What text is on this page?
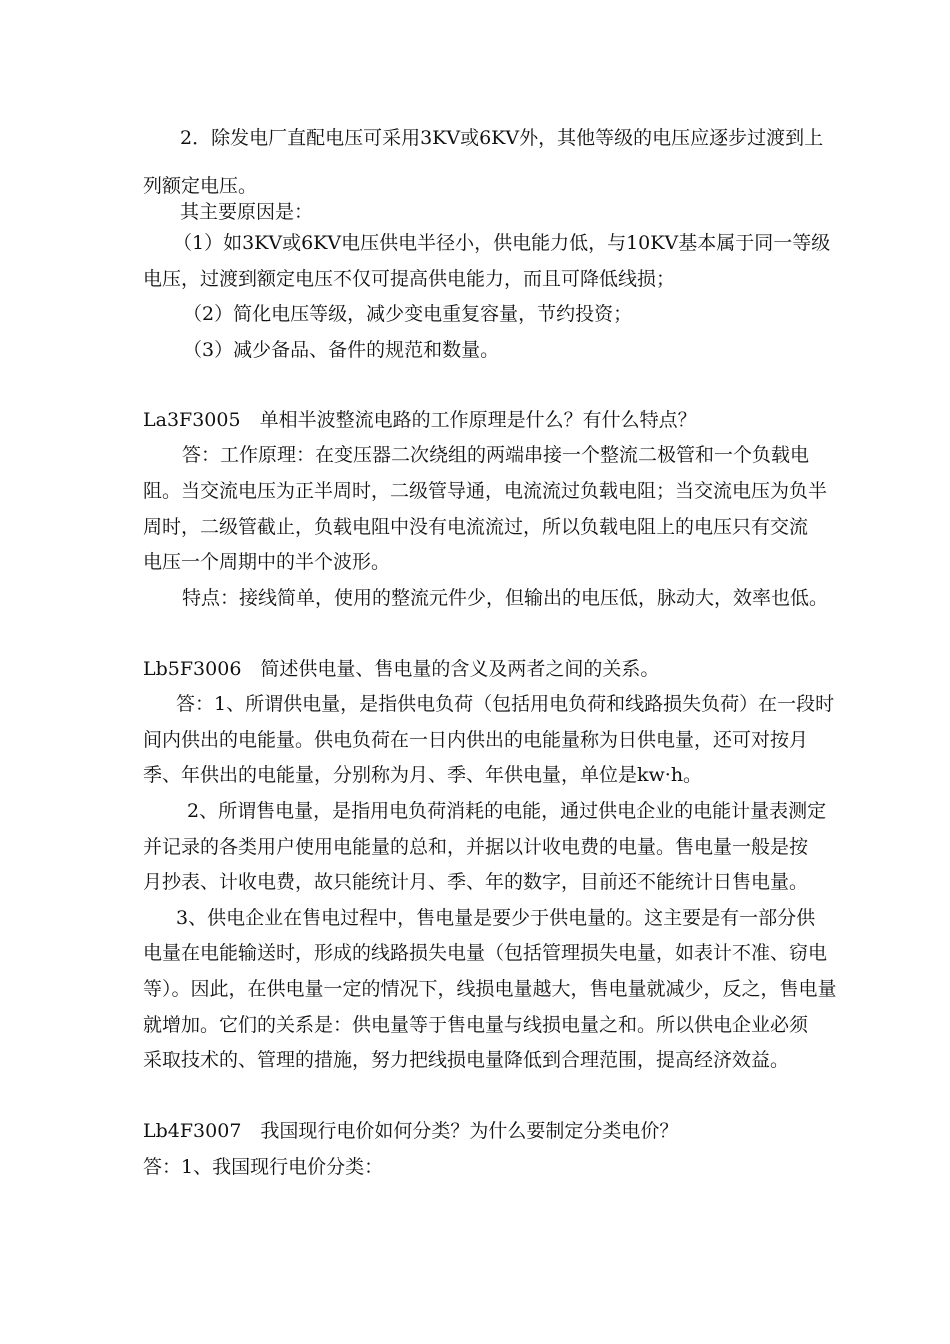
2．除发电厂直配电压可采用3KV或6KV外，其他等级的电压应逐步过渡到上
列额定电压。
其主要原因是：
（1）如3KV或6KV电压供电半径小，供电能力低，与10KV基本属于同一等级
电压，过渡到额定电压不仅可提高供电能力，而且可降低线损；
（2）简化电压等级，减少变电重复容量，节约投资；
（3）减少备品、备件的规范和数量。
La3F3005　单相半波整流电路的工作原理是什么？有什么特点？
答：工作原理：在变压器二次绕组的两端串接一个整流二极管和一个负载电
阻。当交流电压为正半周时，二级管导通，电流流过负载电阻；当交流电压为负半
周时，二级管截止，负载电阻中没有电流流过，所以负载电阻上的电压只有交流
电压一个周期中的半个波形。
特点：接线简单，使用的整流元件少，但输出的电压低，脉动大，效率也低。
Lb5F3006　简述供电量、售电量的含义及两者之间的关系。
答：1、所谓供电量，是指供电负荷（包括用电负荷和线路损失负荷）在一段时
间内供出的电能量。供电负荷在一日内供出的电能量称为日供电量，还可对按月
季、年供出的电能量，分别称为月、季、年供电量，单位是kw·h。
2、所谓售电量，是指用电负荷消耗的电能，通过供电企业的电能计量表测定
并记录的各类用户使用电能量的总和，并据以计收电费的电量。售电量一般是按
月抄表、计收电费，故只能统计月、季、年的数字，目前还不能统计日售电量。
3、供电企业在售电过程中，售电量是要少于供电量的。这主要是有一部分供
电量在电能输送时，形成的线路损失电量（包括管理损失电量，如表计不准、窃电
等）。因此，在供电量一定的情况下，线损电量越大，售电量就减少，反之，售电量
就增加。它们的关系是：供电量等于售电量与线损电量之和。所以供电企业必须
采取技术的、管理的措施，努力把线损电量降低到合理范围，提高经济效益。
Lb4F3007　我国现行电价如何分类？为什么要制定分类电价？
答：1、我国现行电价分类：
